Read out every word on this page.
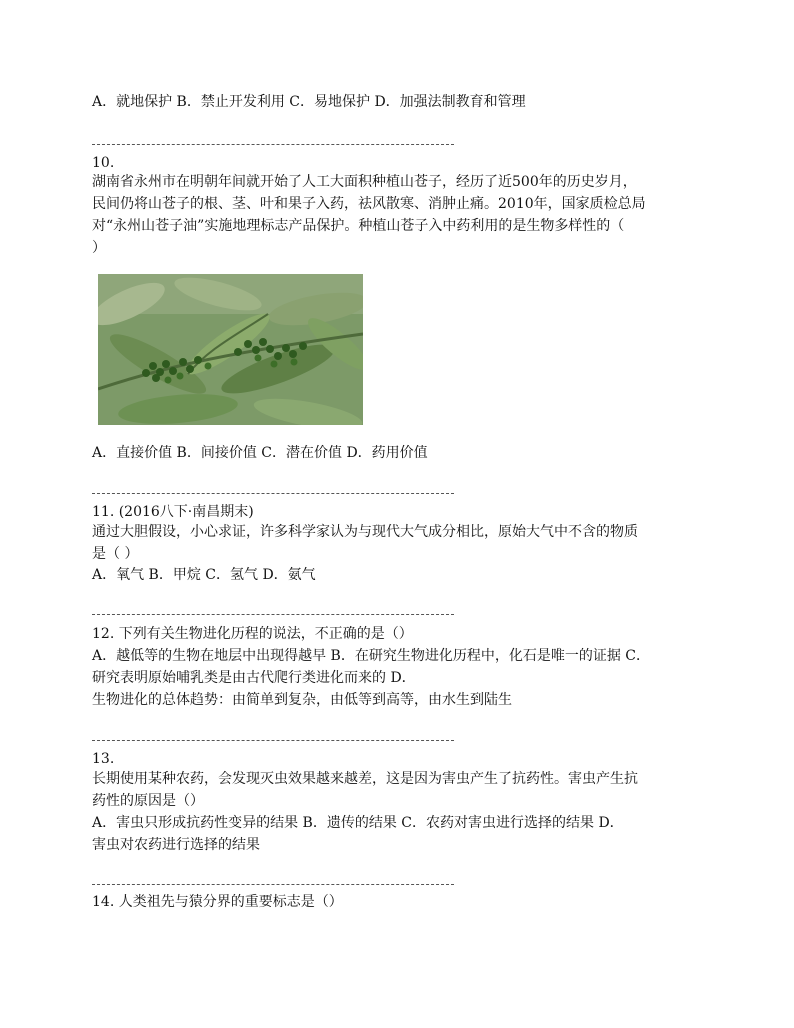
A．就地保护 B．禁止开发利用 C．易地保护 D．加强法制教育和管理
10.
湖南省永州市在明朝年间就开始了人工大面积种植山苍子，经历了近500年的历史岁月，
民间仍将山苍子的根、茎、叶和果子入药，祛风散寒、消肿止痛。2010年，国家质检总局
对“永州山苍子油”实施地理标志产品保护。种植山苍子入中药利用的是生物多样性的（
）
A．直接价值 B．间接价值 C．潜在价值 D．药用价值
11. (2016八下·南昌期末)
通过大胆假设，小心求证，许多科学家认为与现代大气成分相比，原始大气中不含的物质
是（ ）
A．氧气 B．甲烷 C．氢气 D．氨气
12. 下列有关生物进化历程的说法，不正确的是（）
A．越低等的生物在地层中出现得越早 B．在研究生物进化历程中，化石是唯一的证据 C．
研究表明原始哺乳类是由古代爬行类进化而来的 D．
生物进化的总体趋势：由简单到复杂，由低等到高等，由水生到陆生
13.
长期使用某种农药，会发现灭虫效果越来越差，这是因为害虫产生了抗药性。害虫产生抗
药性的原因是（）
A．害虫只形成抗药性变异的结果 B．遗传的结果 C．农药对害虫进行选择的结果 D．
害虫对农药进行选择的结果
14. 人类祖先与猿分界的重要标志是（）
